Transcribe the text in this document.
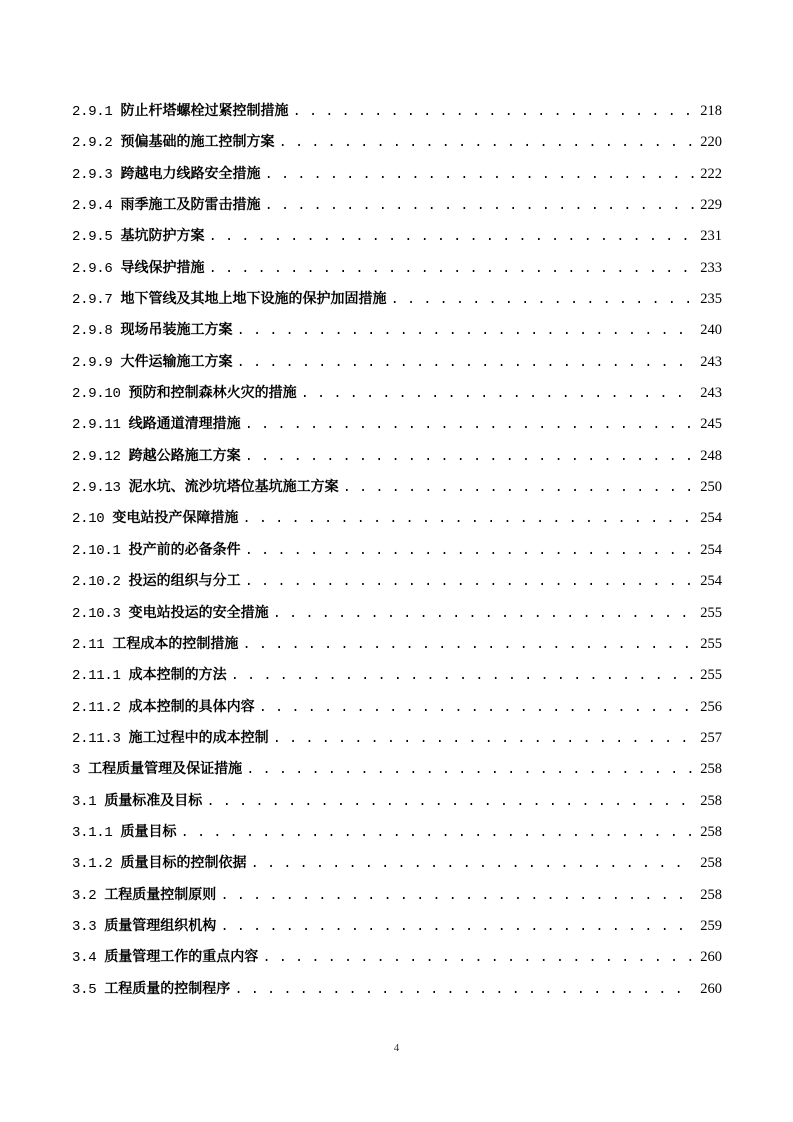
2.9.1 防止杆塔螺栓过紧控制措施 . . .	218
2.9.2 预偏基础的施工控制方案 . . .	220
2.9.3 跨越电力线路安全措施 . . .	222
2.9.4 雨季施工及防雷击措施 . . .	229
2.9.5 基坑防护方案 . . .	231
2.9.6 导线保护措施 . . .	233
2.9.7 地下管线及其地上地下设施的保护加固措施 . . .	235
2.9.8 现场吊装施工方案 . . .	240
2.9.9 大件运输施工方案 . . .	243
2.9.10 预防和控制森林火灾的措施 . . .	243
2.9.11 线路通道清理措施 . . .	245
2.9.12 跨越公路施工方案 . . .	248
2.9.13 泥水坑、流沙坑塔位基坑施工方案 . . .	250
2.10 变电站投产保障措施 . . .	254
2.10.1 投产前的必备条件 . . .	254
2.10.2 投运的组织与分工 . . .	254
2.10.3 变电站投运的安全措施 . . .	255
2.11 工程成本的控制措施 . . .	255
2.11.1 成本控制的方法 . . .	255
2.11.2 成本控制的具体内容 . . .	256
2.11.3 施工过程中的成本控制 . . .	257
3 工程质量管理及保证措施 . . .	258
3.1 质量标准及目标 . . .	258
3.1.1 质量目标 . . .	258
3.1.2 质量目标的控制依据 . . .	258
3.2 工程质量控制原则 . . .	258
3.3 质量管理组织机构 . . .	259
3.4 质量管理工作的重点内容 . . .	260
3.5 工程质量的控制程序 . . .	260
4
